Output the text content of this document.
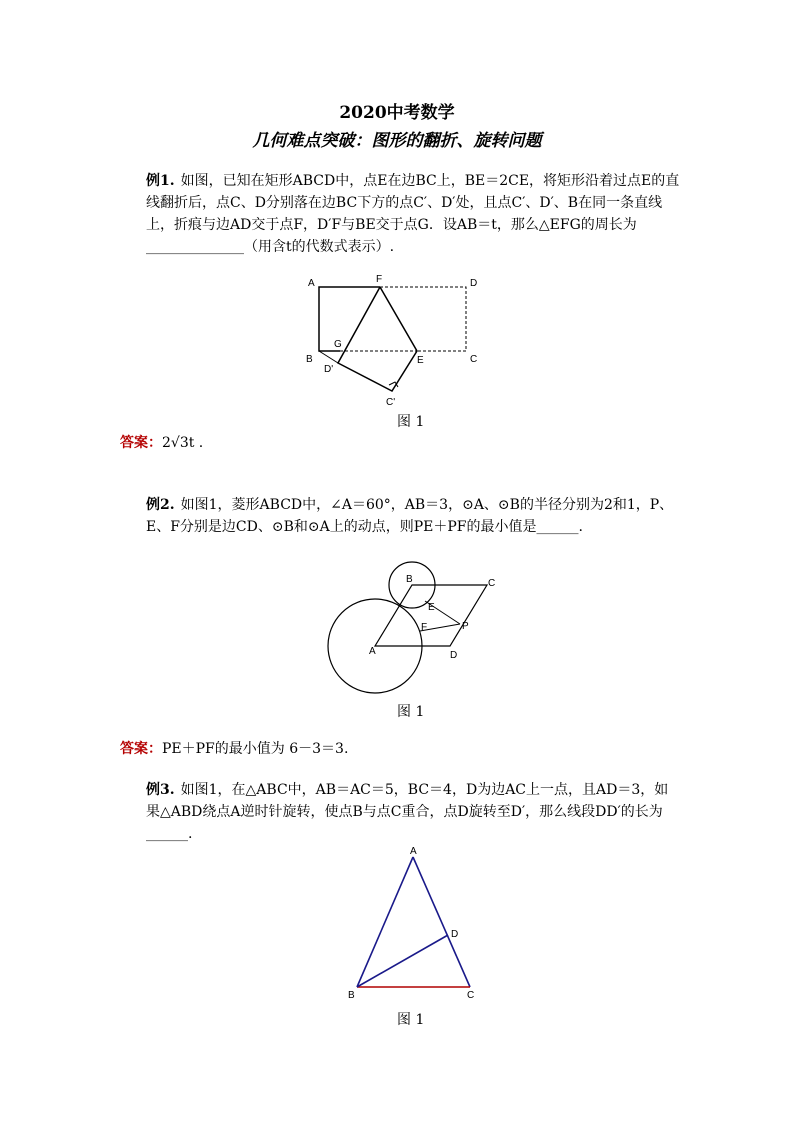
2020中考数学
几何难点突破：图形的翻折、旋转问题
例1. 如图，已知在矩形ABCD中，点E在边BC上，BE＝2CE，将矩形沿着过点E的直线翻折后，点C、D分别落在边BC下方的点C′、D′处，且点C′、D′、B在同一条直线上，折痕与边AD交于点F，D′F与BE交于点G．设AB＝t，那么△EFG的周长为______________（用含t的代数式表示）.
A	F	D
B
G
E	C
D'
C'
图 1
答案：2√3t .
例2. 如图1，菱形ABCD中，∠A＝60°，AB＝3，⊙A、⊙B的半径分别为2和1，P、E、F分别是边CD、⊙B和⊙A上的动点，则PE＋PF的最小值是______.
B	C
E
F	P
A	D
图 1
答案：PE＋PF的最小值为 6－3＝3.
例3. 如图1，在△ABC中，AB＝AC＝5，BC＝4，D为边AC上一点，且AD＝3，如果△ABD绕点A逆时针旋转，使点B与点C重合，点D旋转至D′，那么线段DD′的长为______.
A
D
B	C
图 1
